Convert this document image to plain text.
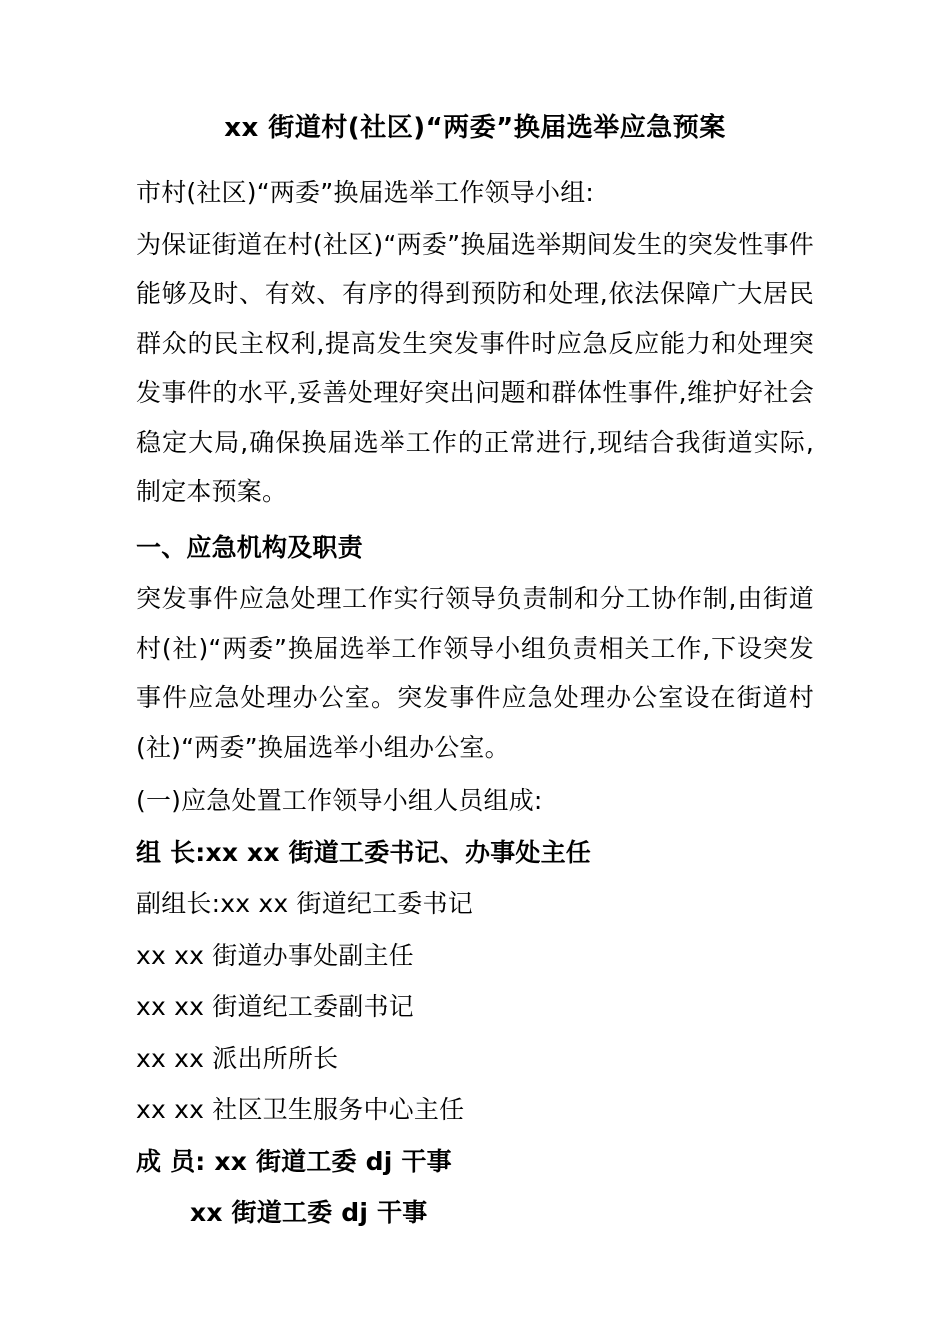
xx 街道村(社区)“两委”换届选举应急预案

市村(社区)“两委”换届选举工作领导小组:

为保证街道在村(社区)“两委”换届选举期间发生的突发性事件能够及时、有效、有序的得到预防和处理,依法保障广大居民群众的民主权利,提高发生突发事件时应急反应能力和处理突发事件的水平,妥善处理好突出问题和群体性事件,维护好社会稳定大局,确保换届选举工作的正常进行,现结合我街道实际,制定本预案。

一、应急机构及职责

突发事件应急处理工作实行领导负责制和分工协作制,由街道村(社)“两委”换届选举工作领导小组负责相关工作,下设突发事件应急处理办公室。突发事件应急处理办公室设在街道村(社)“两委”换届选举小组办公室。

(一)应急处置工作领导小组人员组成:

组 长:xx xx 街道工委书记、办事处主任

副组长:xx xx 街道纪工委书记

xx xx 街道办事处副主任

xx xx 街道纪工委副书记

xx xx 派出所所长

xx xx 社区卫生服务中心主任

成 员: xx 街道工委 dj 干事

xx 街道工委 dj 干事
